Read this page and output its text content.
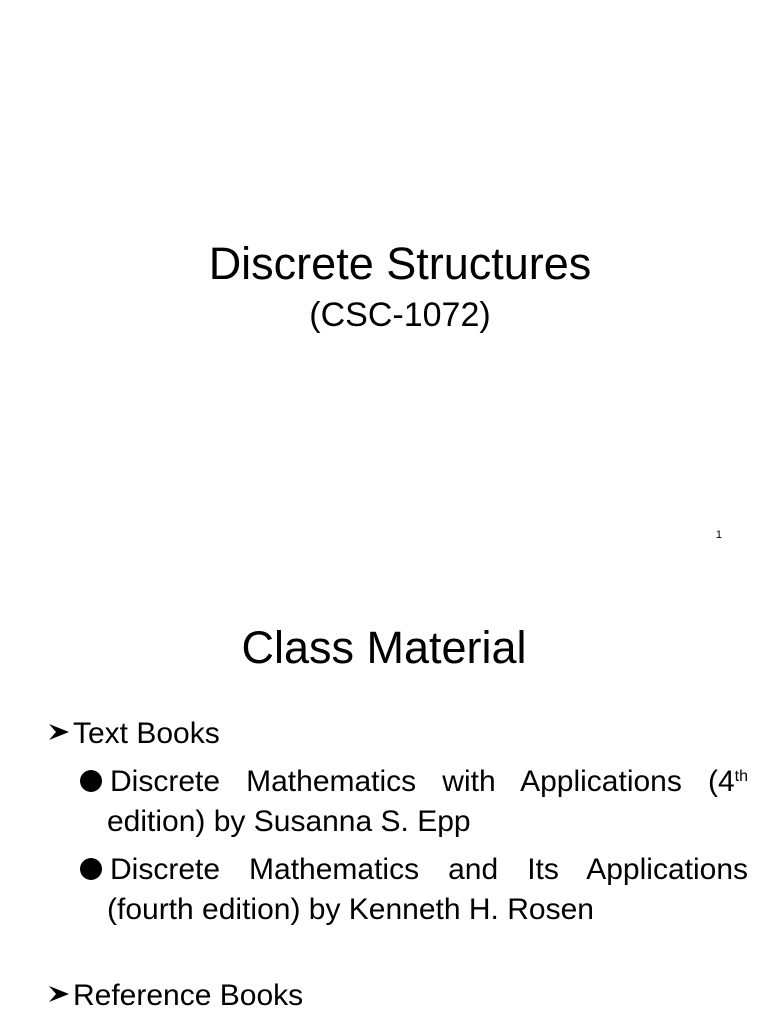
Discrete Structures
(CSC-1072)
1
Class Material
Text Books
Discrete Mathematics with Applications (4th edition) by Susanna S. Epp
Discrete Mathematics and Its Applications (fourth edition) by Kenneth H. Rosen
Reference Books
